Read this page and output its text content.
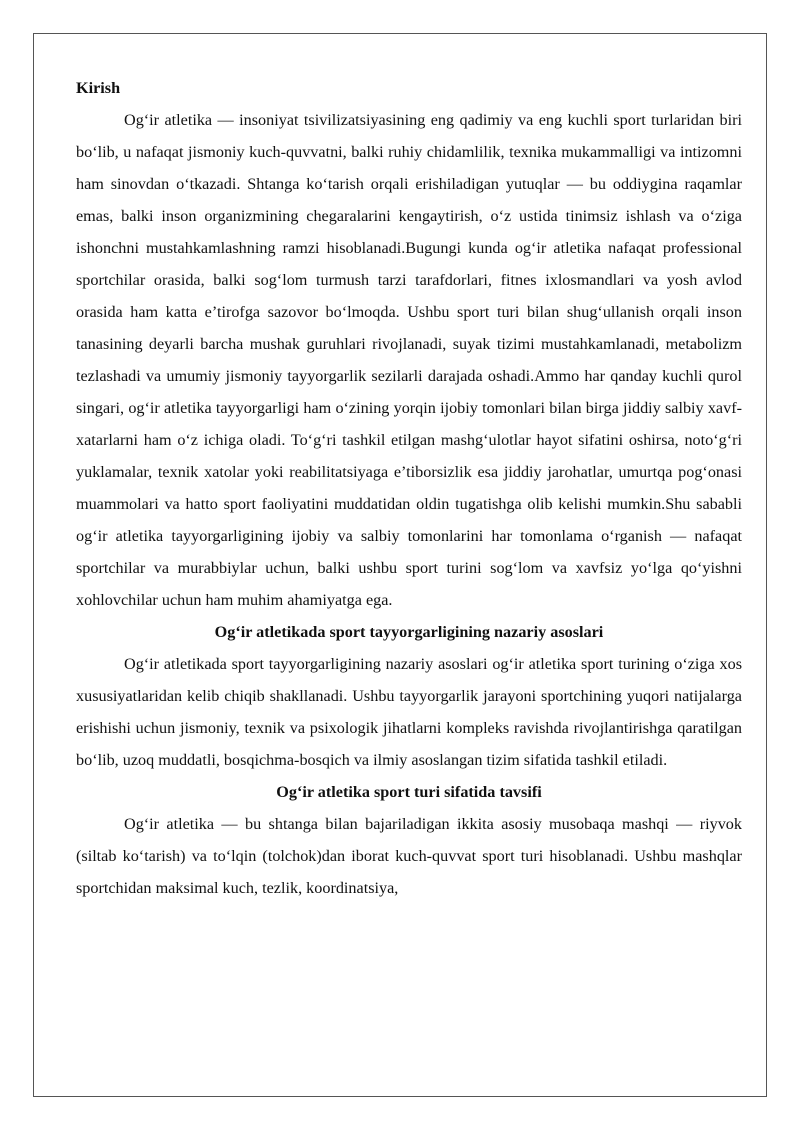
Kirish

Og‘ir atletika — insoniyat tsivilizatsiyasining eng qadimiy va eng kuchli sport turlaridan biri bo‘lib, u nafaqat jismoniy kuch-quvvatni, balki ruhiy chidamlilik, texnika mukammalligi va intizomni ham sinovdan o‘tkazadi. Shtanga ko‘tarish orqali erishiladigan yutuqlar — bu oddiygina raqamlar emas, balki inson organizmining chegaralarini kengaytirish, o‘z ustida tinimsiz ishlash va o‘ziga ishonchni mustahkamlashning ramzi hisoblanadi.Bugungi kunda og‘ir atletika nafaqat professional sportchilar orasida, balki sog‘lom turmush tarzi tarafdorlari, fitnes ixlosmandlari va yosh avlod orasida ham katta e’tirofga sazovor bo‘lmoqda. Ushbu sport turi bilan shug‘ullanish orqali inson tanasining deyarli barcha mushak guruhlari rivojlanadi, suyak tizimi mustahkamlanadi, metabolizm tezlashadi va umumiy jismoniy tayyorgarlik sezilarli darajada oshadi.Ammo har qanday kuchli qurol singari, og‘ir atletika tayyorgarligi ham o‘zining yorqin ijobiy tomonlari bilan birga jiddiy salbiy xavf-xatarlarni ham o‘z ichiga oladi. To‘g‘ri tashkil etilgan mashg‘ulotlar hayot sifatini oshirsa, noto‘g‘ri yuklamalar, texnik xatolar yoki reabilitatsiyaga e’tiborsizlik esa jiddiy jarohatlar, umurtqa pog‘onasi muammolari va hatto sport faoliyatini muddatidan oldin tugatishga olib kelishi mumkin.Shu sababli og‘ir atletika tayyorgarligining ijobiy va salbiy tomonlarini har tomonlama o‘rganish — nafaqat sportchilar va murabbiylar uchun, balki ushbu sport turini sog‘lom va xavfsiz yo‘lga qo‘yishni xohlovchilar uchun ham muhim ahamiyatga ega.

Og‘ir atletikada sport tayyorgarligining nazariy asoslari

Og‘ir atletikada sport tayyorgarligining nazariy asoslari og‘ir atletika sport turining o‘ziga xos xususiyatlaridan kelib chiqib shakllanadi. Ushbu tayyorgarlik jarayoni sportchining yuqori natijalarga erishishi uchun jismoniy, texnik va psixologik jihatlarni kompleks ravishda rivojlantirishga qaratilgan bo‘lib, uzoq muddatli, bosqichma-bosqich va ilmiy asoslangan tizim sifatida tashkil etiladi.

Og‘ir atletika sport turi sifatida tavsifi

Og‘ir atletika — bu shtanga bilan bajariladigan ikkita asosiy musobaqa mashqi — riyvok (siltab ko‘tarish) va to‘lqin (tolchok)dan iborat kuch-quvvat sport turi hisoblanadi. Ushbu mashqlar sportchidan maksimal kuch, tezlik, koordinatsiya,
